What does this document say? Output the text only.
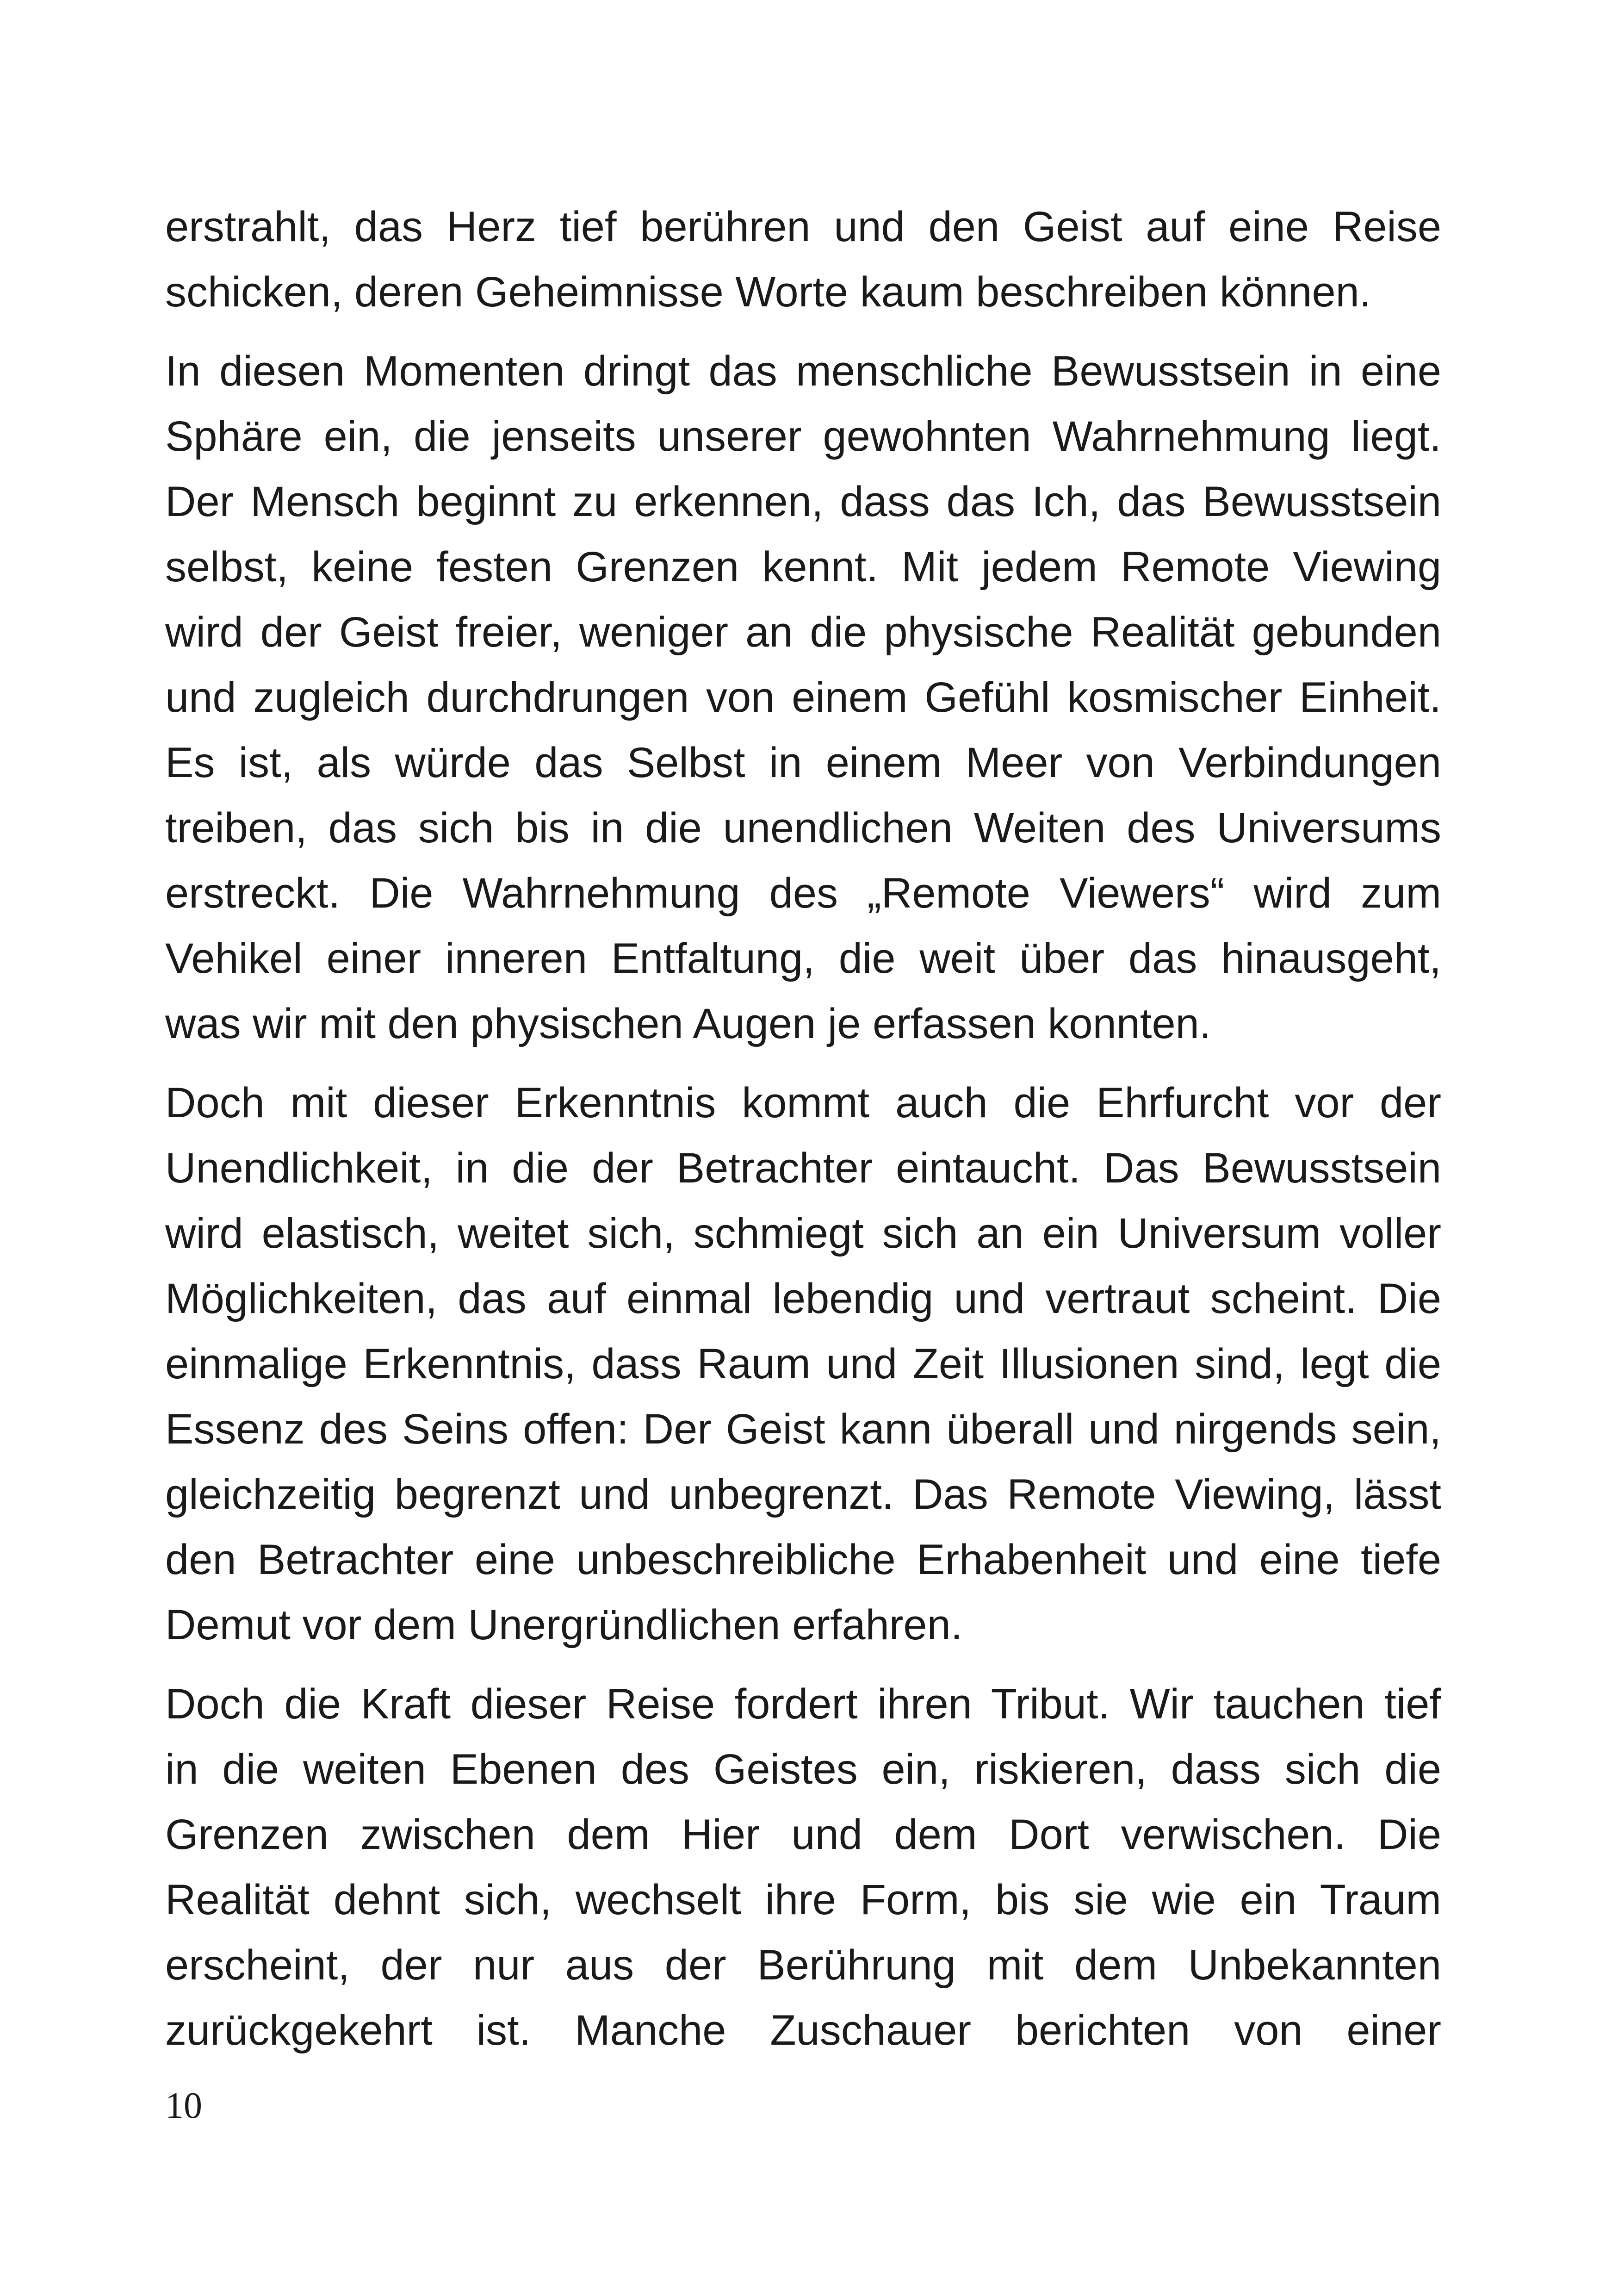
erstrahlt, das Herz tief berühren und den Geist auf eine Reise
schicken, deren Geheimnisse Worte kaum beschreiben können.
In diesen Momenten dringt das menschliche Bewusstsein in eine
Sphäre ein, die jenseits unserer gewohnten Wahrnehmung liegt.
Der Mensch beginnt zu erkennen, dass das Ich, das Bewusstsein
selbst, keine festen Grenzen kennt. Mit jedem Remote Viewing
wird der Geist freier, weniger an die physische Realität gebunden
und zugleich durchdrungen von einem Gefühl kosmischer Einheit.
Es ist, als würde das Selbst in einem Meer von Verbindungen
treiben, das sich bis in die unendlichen Weiten des Universums
erstreckt. Die Wahrnehmung des „Remote Viewers“ wird zum
Vehikel einer inneren Entfaltung, die weit über das hinausgeht,
was wir mit den physischen Augen je erfassen konnten.
Doch mit dieser Erkenntnis kommt auch die Ehrfurcht vor der
Unendlichkeit, in die der Betrachter eintaucht. Das Bewusstsein
wird elastisch, weitet sich, schmiegt sich an ein Universum voller
Möglichkeiten, das auf einmal lebendig und vertraut scheint. Die
einmalige Erkenntnis, dass Raum und Zeit Illusionen sind, legt die
Essenz des Seins offen: Der Geist kann überall und nirgends sein,
gleichzeitig begrenzt und unbegrenzt. Das Remote Viewing, lässt
den Betrachter eine unbeschreibliche Erhabenheit und eine tiefe
Demut vor dem Unergründlichen erfahren.
Doch die Kraft dieser Reise fordert ihren Tribut. Wir tauchen tief
in die weiten Ebenen des Geistes ein, riskieren, dass sich die
Grenzen zwischen dem Hier und dem Dort verwischen. Die
Realität dehnt sich, wechselt ihre Form, bis sie wie ein Traum
erscheint, der nur aus der Berührung mit dem Unbekannten
zurückgekehrt ist. Manche Zuschauer berichten von einer
10
